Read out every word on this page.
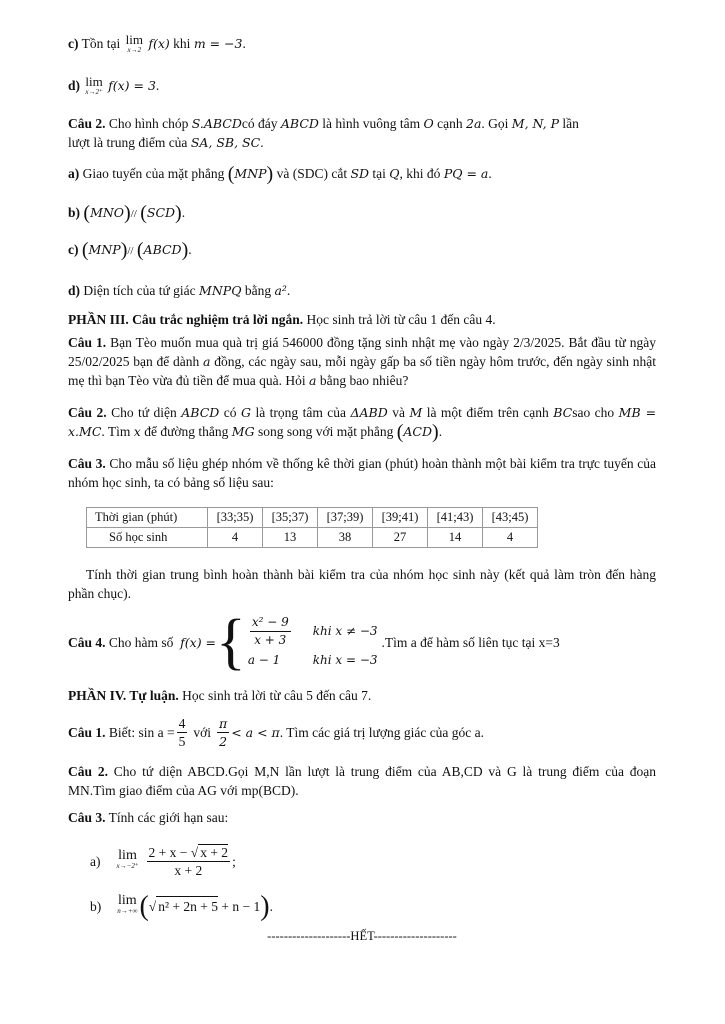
c) Tồn tại lim
x→2 f(x) khi m = −3.
d) lim
x→2⁺ f(x) = 3.
Câu 2. Cho hình chóp S.ABCDcó đáy ABCD là hình vuông tâm O cạnh 2a. Gọi M, N, P lần
lượt là trung điểm của SA, SB, SC.
a) Giao tuyến của mặt phẳng (MNP) và (SDC) cắt SD tại Q, khi đó PQ = a.
b) (MNO)// (SCD).
c) (MNP)// (ABCD).
d) Diện tích của tứ giác MNPQ bằng a².
PHẦN III. Câu trắc nghiệm trả lời ngắn. Học sinh trả lời từ câu 1 đến câu 4.
Câu 1. Bạn Tèo muốn mua quà trị giá 546000 đồng tặng sinh nhật mẹ vào ngày 2/3/2025. Bắt đầu từ ngày 25/02/2025 bạn để dành a đồng, các ngày sau, mỗi ngày gấp ba số tiền ngày hôm trước, đến ngày sinh nhật mẹ thì bạn Tèo vừa đủ tiền để mua quà. Hỏi a bằng bao nhiêu?
Câu 2. Cho tứ diện ABCD có G là trọng tâm của ΔABD và M là một điểm trên cạnh BCsao cho MB = x.MC. Tìm x để đường thẳng MG song song với mặt phẳng (ACD).
Câu 3. Cho mẫu số liệu ghép nhóm về thống kê thời gian (phút) hoàn thành một bài kiểm tra trực tuyến của nhóm học sinh, ta có bảng số liệu sau:
Thời gian (phút)	[33;35)	[35;37)	[37;39)	[39;41)	[41;43)	[43;45)
Số học sinh	4	13	38	27	14	4
Tính thời gian trung bình hoàn thành bài kiểm tra của nhóm học sinh này (kết quả làm tròn đến hàng phần chục).
Câu 4.
Cho hàm số
f(x) = { $\frac{\text{x² − 9}}{x + 3}$ khi x ≠ −3
a − 1	khi x = −3
.Tìm a để hàm số liên tục tại x=3
PHẦN IV. Tự luận. Học sinh trả lời từ câu 5 đến câu 7.
Câu 1.
Biết: $\sin a = \frac{4}{5}$ với $\frac{\pi}{2} < a < \pi$ . Tìm các giá trị lượng giác của góc a.
Câu 2. Cho tứ diện ABCD.Gọi M,N lần lượt là trung điểm của AB,CD và G là trung điểm của đoạn MN.Tìm giao điểm của AG với mp(BCD).
Câu 3. Tính các giới hạn sau:
a) lim
$x\to-2^+ \frac{2 + x - √ x + 2}{x + 2}$ ;
b) lim
n→+∞ ( √ n² + 2n + 5
+ n − 1 ) .
--------------------HẾT--------------------
